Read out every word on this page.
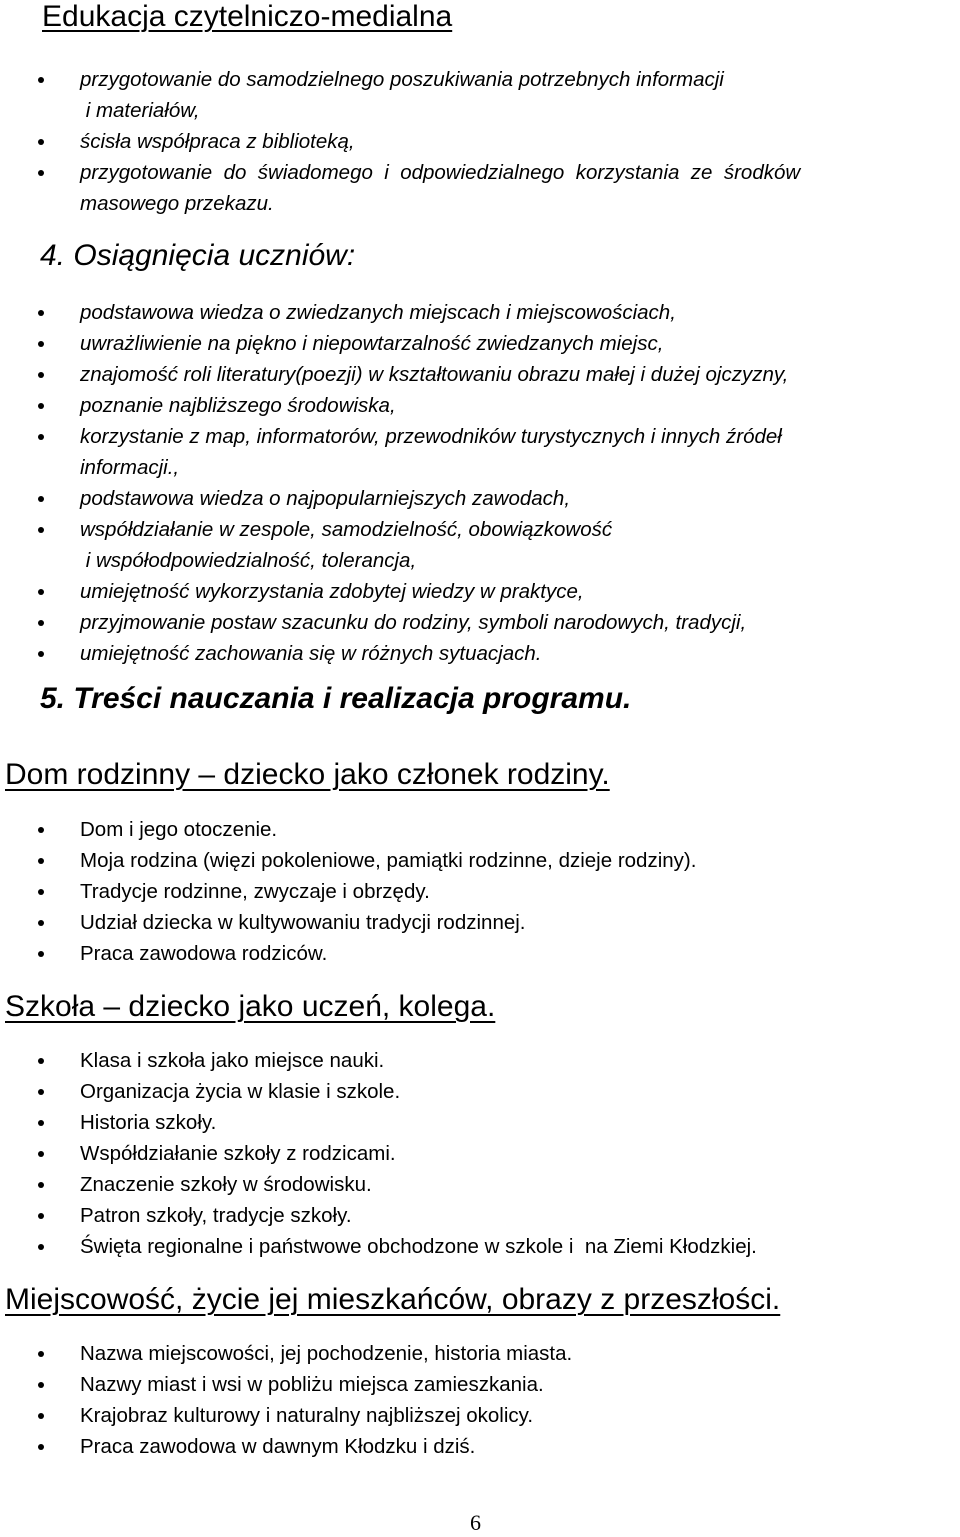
Edukacja czytelniczo-medialna
przygotowanie do samodzielnego poszukiwania potrzebnych informacji
i materiałów,
ścisła współpraca z biblioteką,
przygotowanie  do  świadomego  i  odpowiedzialnego  korzystania  ze  środków
masowego przekazu.
4. Osiągnięcia uczniów:
podstawowa wiedza o zwiedzanych miejscach i miejscowościach,
uwrażliwienie na piękno i niepowtarzalność zwiedzanych miejsc,
znajomość roli literatury(poezji) w kształtowaniu obrazu małej i dużej ojczyzny,
poznanie najbliższego środowiska,
korzystanie z map, informatorów, przewodników turystycznych i innych źródeł
informacji.,
podstawowa wiedza o najpopularniejszych zawodach,
współdziałanie w zespole, samodzielność, obowiązkowość
i współodpowiedzialność, tolerancja,
umiejętność wykorzystania zdobytej wiedzy w praktyce,
przyjmowanie postaw szacunku do rodziny, symboli narodowych, tradycji,
umiejętność zachowania się w różnych sytuacjach.
5. Treści nauczania i realizacja programu.
Dom rodzinny – dziecko jako członek rodziny.
Dom i jego otoczenie.
Moja rodzina (więzi pokoleniowe, pamiątki rodzinne, dzieje rodziny).
Tradycje rodzinne, zwyczaje i obrzędy.
Udział dziecka w kultywowaniu tradycji rodzinnej.
Praca zawodowa rodziców.
Szkoła – dziecko jako uczeń, kolega.
Klasa i szkoła jako miejsce nauki.
Organizacja życia w klasie i szkole.
Historia szkoły.
Współdziałanie szkoły z rodzicami.
Znaczenie szkoły w środowisku.
Patron szkoły, tradycje szkoły.
Święta regionalne i państwowe obchodzone w szkole i  na Ziemi Kłodzkiej.
Miejscowość, życie jej mieszkańców, obrazy z przeszłości.
Nazwa miejscowości, jej pochodzenie, historia miasta.
Nazwy miast i wsi w pobliżu miejsca zamieszkania.
Krajobraz kulturowy i naturalny najbliższej okolicy.
Praca zawodowa w dawnym Kłodzku i dziś.
6
